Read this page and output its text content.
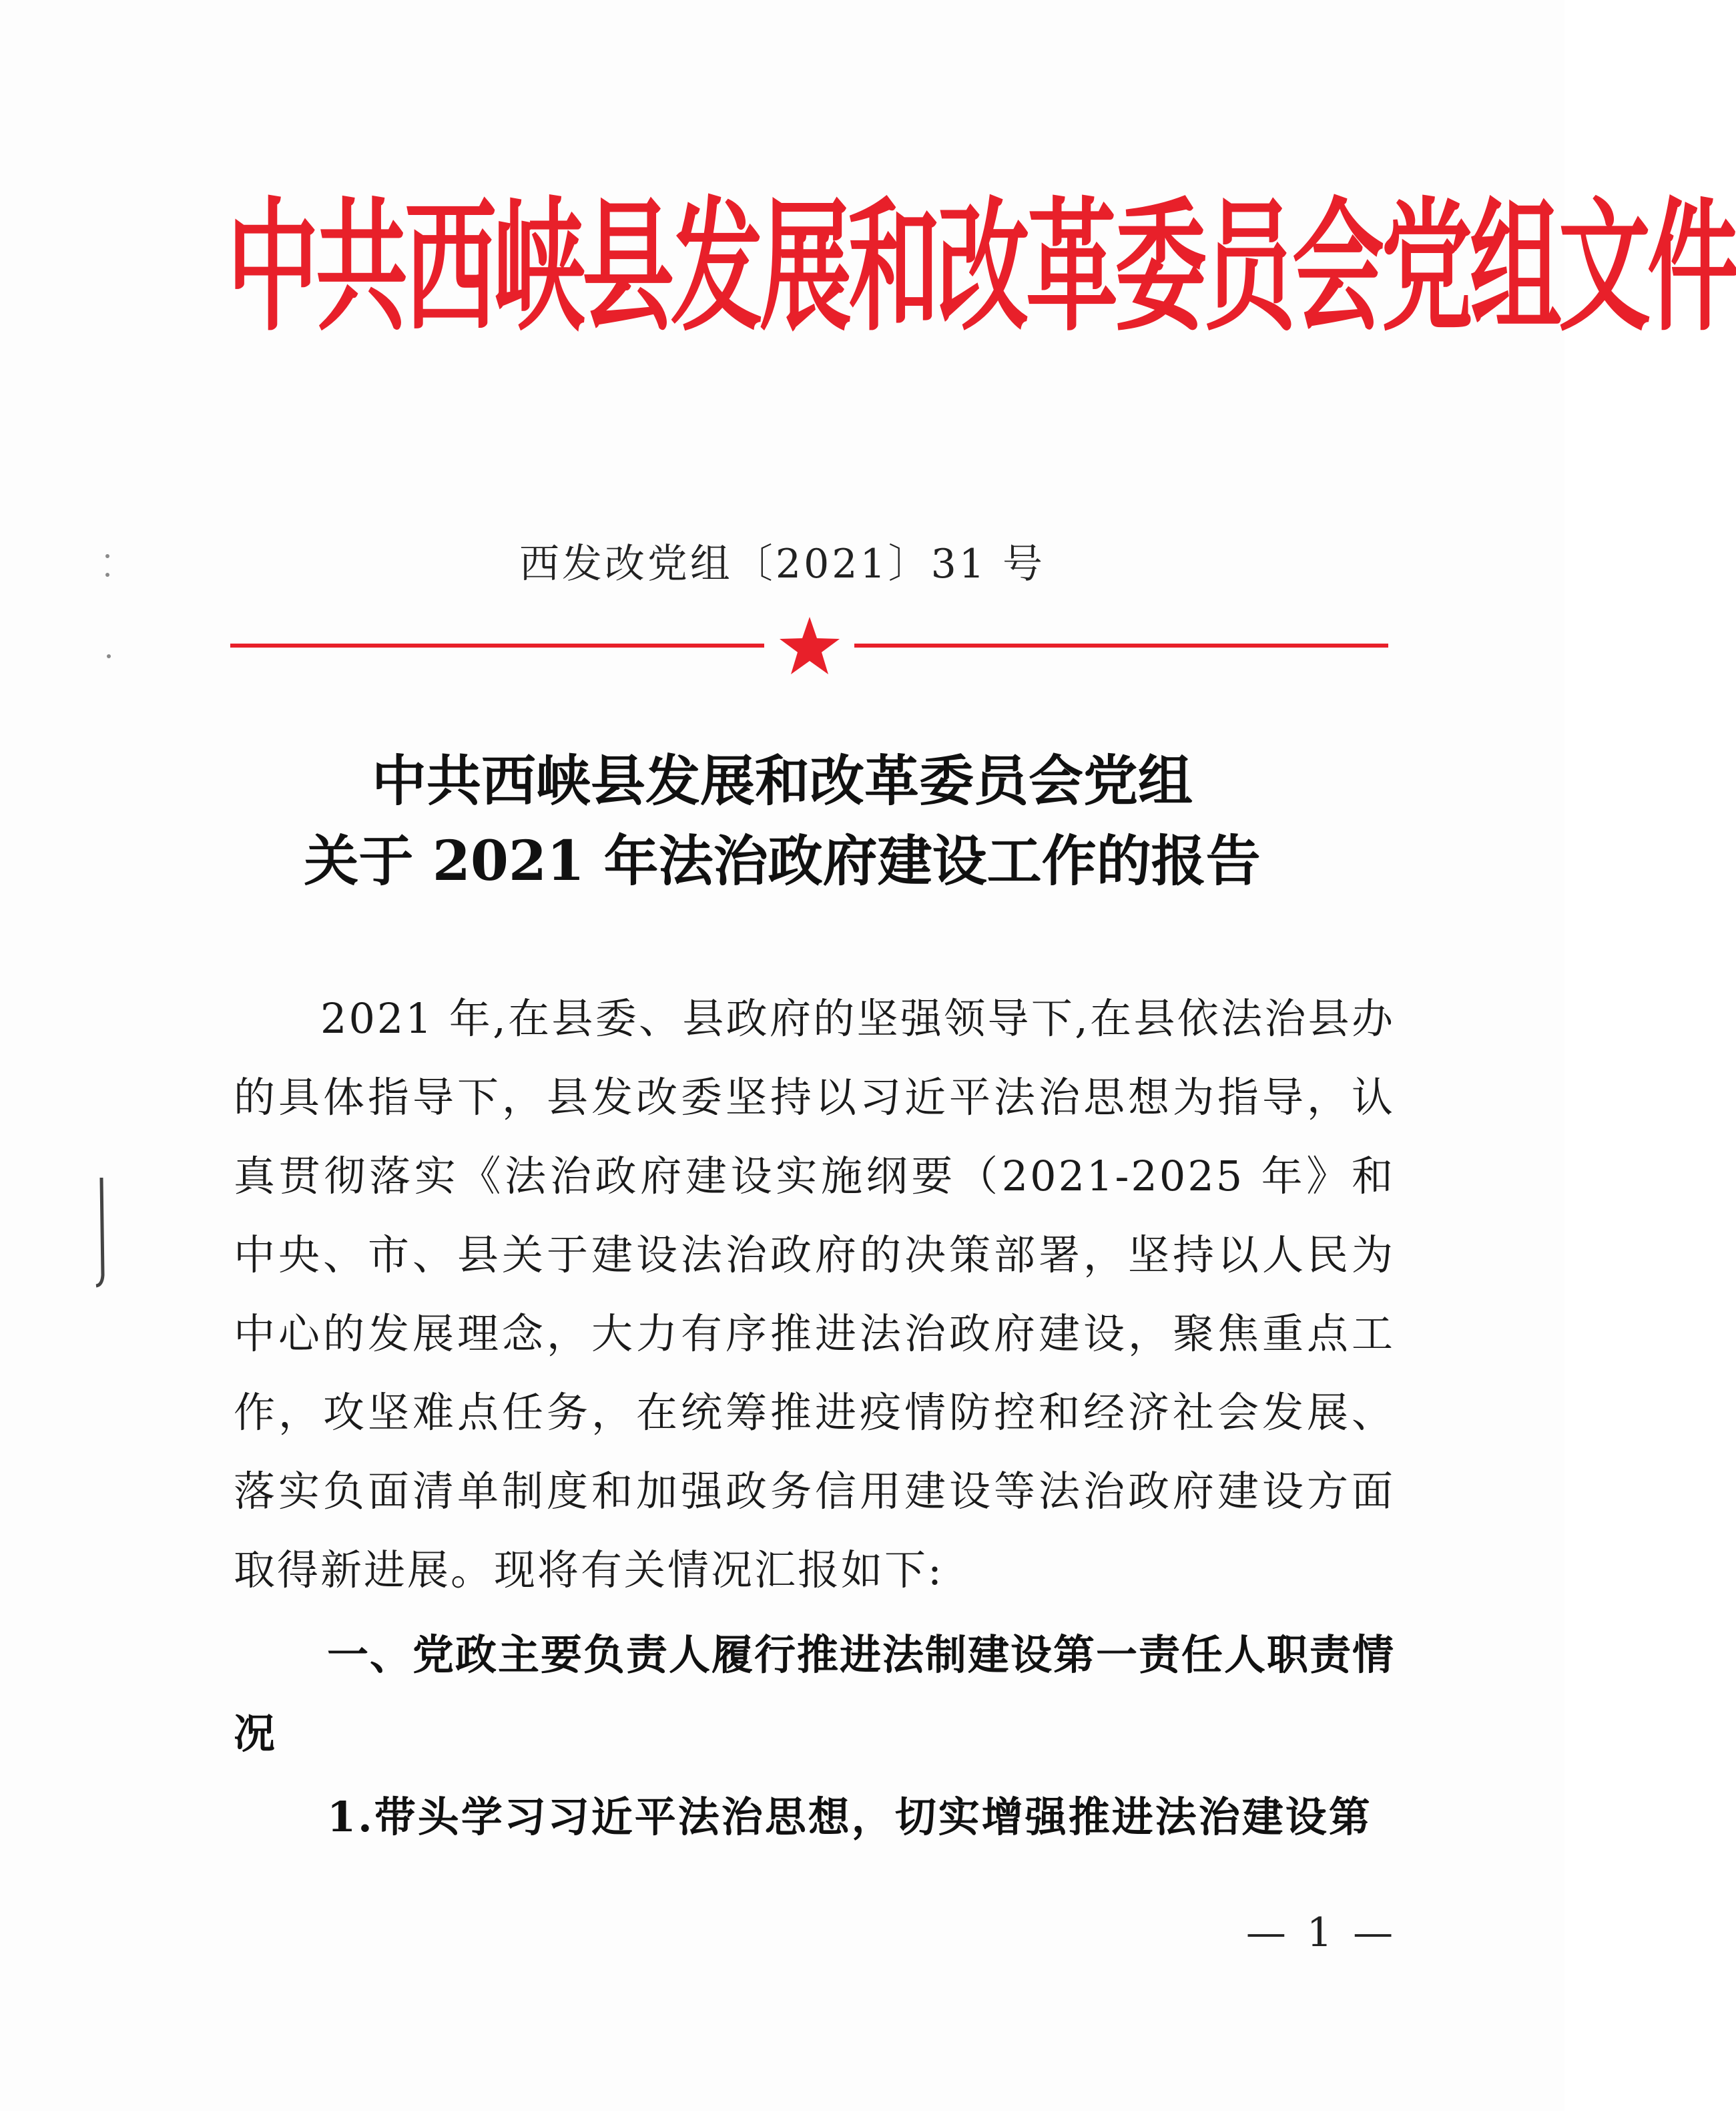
中共西峡县发展和改革委员会党组文件
西发改党组〔2021〕31 号
中共西峡县发展和改革委员会党组
关于 2021 年法治政府建设工作的报告
2021 年,在县委、县政府的坚强领导下,在县依法治县办的具体指导下，县发改委坚持以习近平法治思想为指导，认真贯彻落实《法治政府建设实施纲要（2021-2025 年》和中央、市、县关于建设法治政府的决策部署，坚持以人民为中心的发展理念，大力有序推进法治政府建设，聚焦重点工作，攻坚难点任务，在统筹推进疫情防控和经济社会发展、落实负面清单制度和加强政务信用建设等法治政府建设方面取得新进展。现将有关情况汇报如下:
一、党政主要负责人履行推进法制建设第一责任人职责情况
1.带头学习习近平法治思想，切实增强推进法治建设第
— 1 —
